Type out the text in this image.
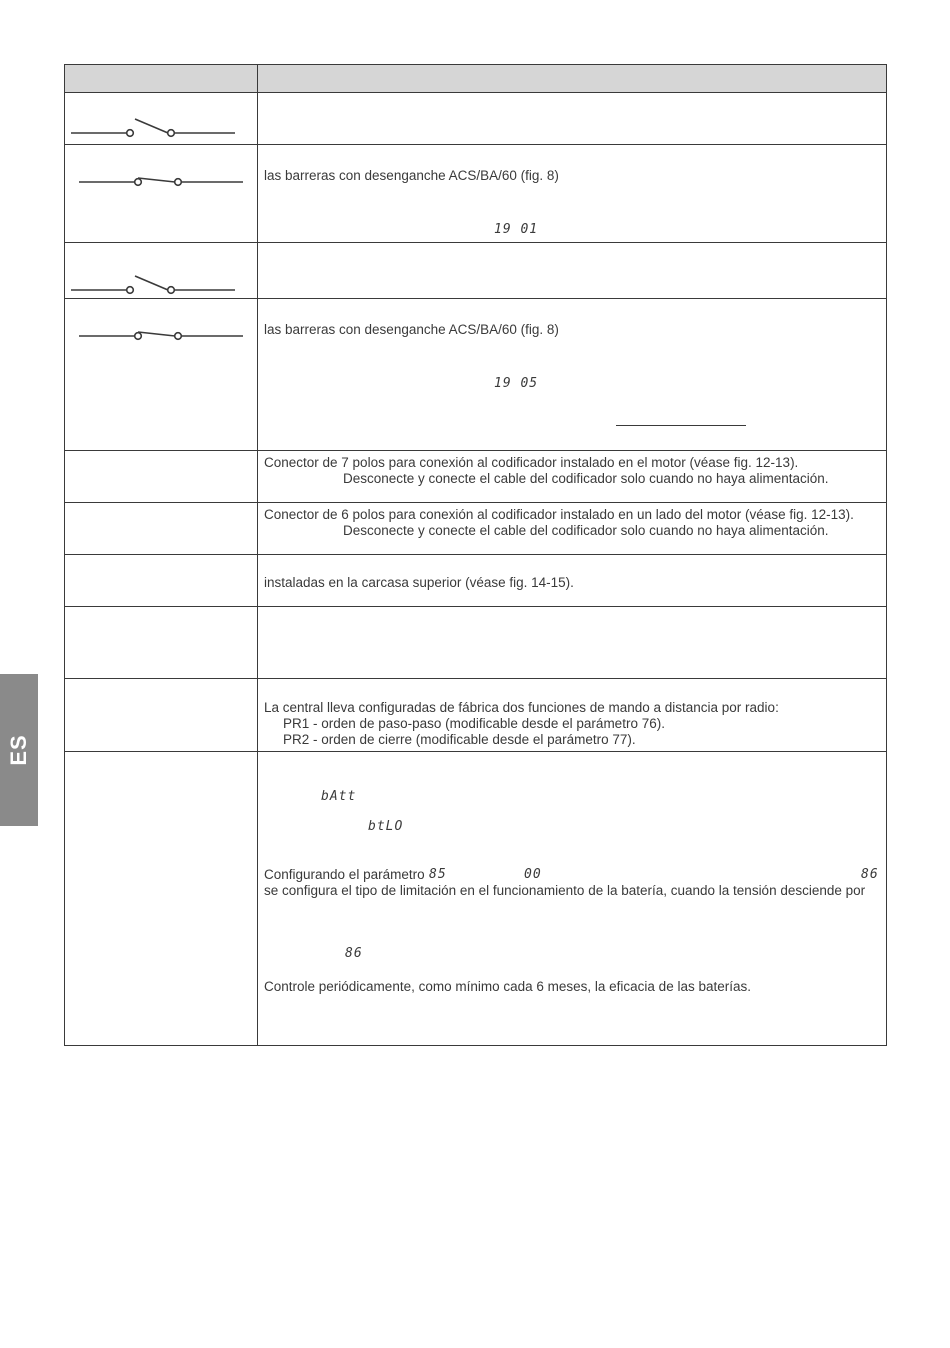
las barreras con desenganche ACS/BA/60 (fig. 8)
19 01
las barreras con desenganche ACS/BA/60 (fig. 8)
19 05
Conector de 7 polos para conexión al codificador instalado en el motor (véase fig. 12-13).
Desconecte y conecte el cable del codificador solo cuando no haya alimentación.
Conector de 6 polos para conexión al codificador instalado en un lado del motor (véase fig. 12-13).
Desconecte y conecte el cable del codificador solo cuando no haya alimentación.
instaladas en la carcasa superior (véase fig. 14-15).
La central lleva configuradas de fábrica dos funciones de mando a distancia por radio:
PR1 - orden de paso-paso (modificable desde el parámetro 76).
PR2 - orden de cierre (modificable desde el parámetro 77).
bAtt
btLO
Configurando el parámetro 85	00	86
se configura el tipo de limitación en el funcionamiento de la batería, cuando la tensión desciende por
86
Controle periódicamente, como mínimo cada 6 meses, la eficacia de las baterías.
ES
